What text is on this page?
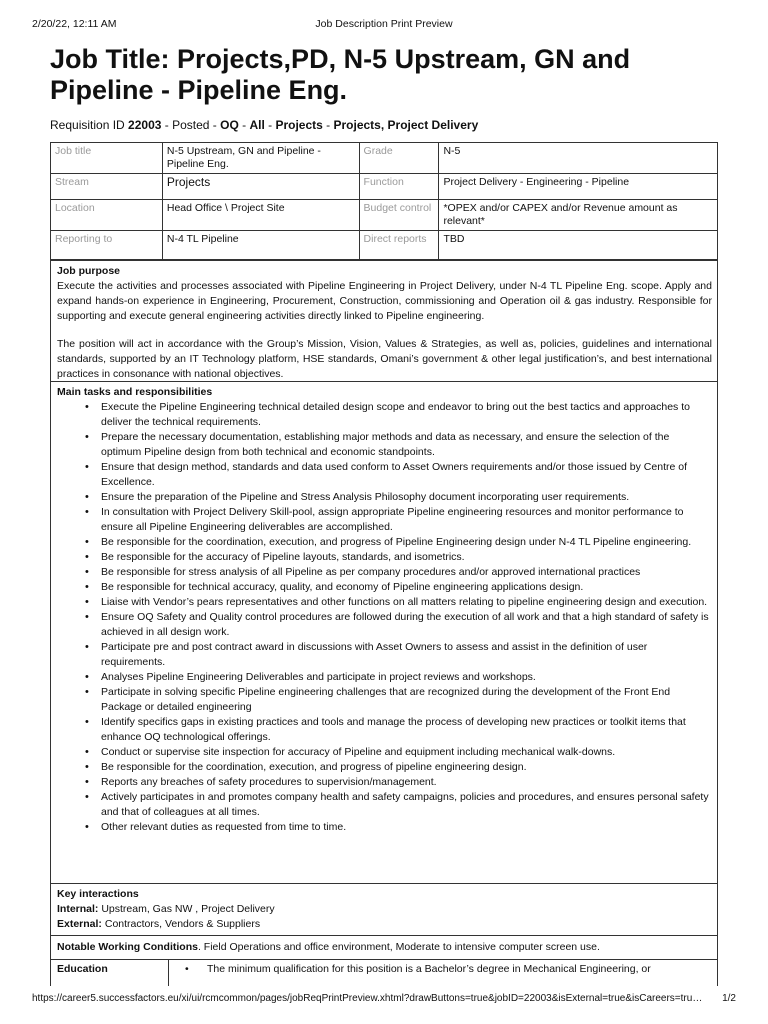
2/20/22, 12:11 AM	Job Description Print Preview
Job Title: Projects,PD, N-5 Upstream, GN and Pipeline - Pipeline Eng.
Requisition ID 22003 - Posted - OQ - All - Projects - Projects, Project Delivery
Job title	N-5 Upstream, GN and Pipeline - Pipeline Eng.	Grade	N-5
Stream	Projects	Function	Project Delivery - Engineering - Pipeline
Location	Head Office \ Project Site	Budget control	*OPEX and/or CAPEX and/or Revenue amount as relevant*
Reporting to	N-4 TL Pipeline	Direct reports	TBD
Job purpose

Execute the activities and processes associated with Pipeline Engineering in Project Delivery, under N-4 TL Pipeline Eng. scope. Apply and expand hands-on experience in Engineering, Procurement, Construction, commissioning and Operation oil & gas industry. Responsible for supporting and execute general engineering activities directly linked to Pipeline engineering.

The position will act in accordance with the Group’s Mission, Vision, Values & Strategies, as well as, policies, guidelines and international standards, supported by an IT Technology platform, HSE standards, Omani’s government & other legal justification’s, and best international practices in consonance with national objectives.

Main tasks and responsibilities
• Execute the Pipeline Engineering technical detailed design scope and endeavor to bring out the best tactics and approaches to deliver the technical requirements.
• Prepare the necessary documentation, establishing major methods and data as necessary, and ensure the selection of the optimum Pipeline design from both technical and economic standpoints.
• Ensure that design method, standards and data used conform to Asset Owners requirements and/or those issued by Centre of Excellence.
• Ensure the preparation of the Pipeline and Stress Analysis Philosophy document incorporating user requirements.
• In consultation with Project Delivery Skill-pool, assign appropriate Pipeline engineering resources and monitor performance to ensure all Pipeline Engineering deliverables are accomplished.
• Be responsible for the coordination, execution, and progress of Pipeline Engineering design under N-4 TL Pipeline engineering.
• Be responsible for the accuracy of Pipeline layouts, standards, and isometrics.
• Be responsible for stress analysis of all Pipeline as per company procedures and/or approved international practices
• Be responsible for technical accuracy, quality, and economy of Pipeline engineering applications design.
• Liaise with Vendor’s pears representatives and other functions on all matters relating to pipeline engineering design and execution.
• Ensure OQ Safety and Quality control procedures are followed during the execution of all work and that a high standard of safety is achieved in all design work.
• Participate pre and post contract award in discussions with Asset Owners to assess and assist in the definition of user requirements.
• Analyses Pipeline Engineering Deliverables and participate in project reviews and workshops.
• Participate in solving specific Pipeline engineering challenges that are recognized during the development of the Front End Package or detailed engineering
• Identify specifics gaps in existing practices and tools and manage the process of developing new practices or toolkit items that enhance OQ technological offerings.
• Conduct or supervise site inspection for accuracy of Pipeline and equipment including mechanical walk-downs.
• Be responsible for the coordination, execution, and progress of pipeline engineering design.
• Reports any breaches of safety procedures to supervision/management.
• Actively participates in and promotes company health and safety campaigns, policies and procedures, and ensures personal safety and that of colleagues at all times.
• Other relevant duties as requested from time to time.
Key interactions
Internal: Upstream, Gas NW , Project Delivery
External: Contractors, Vendors & Suppliers
Notable Working Conditions. Field Operations and office environment, Moderate to intensive computer screen use.
Education	• The minimum qualification for this position is a Bachelor’s degree in Mechanical Engineering, or
https://career5.successfactors.eu/xi/ui/rcmcommon/pages/jobReqPrintPreview.xhtml?drawButtons=true&jobID=22003&isExternal=true&isCareers=tru…	1/2
